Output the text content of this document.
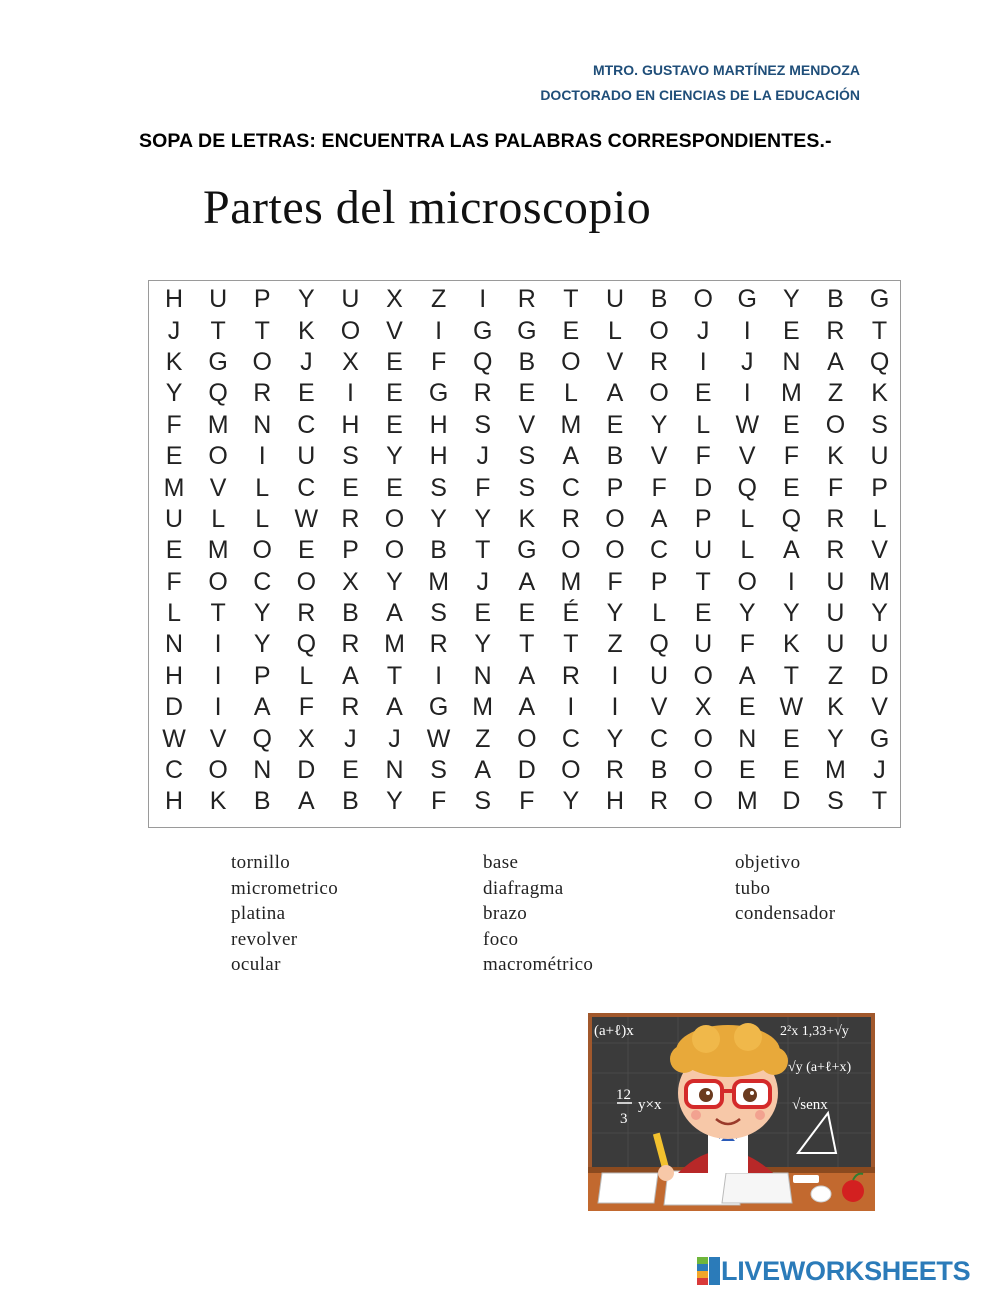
MTRO. GUSTAVO MARTÍNEZ MENDOZA
DOCTORADO EN CIENCIAS DE LA EDUCACIÓN
SOPA DE LETRAS: ENCUENTRA LAS PALABRAS CORRESPONDIENTES.-
Partes del microscopio
H	U	P	Y	U	X	Z	I	R	T	U	B	O G	Y	B	G
J	T	T	K	O	V	I	G G	E	L	O	J	I	E	R	T
K	G O	J	X	E	F	Q	B	O	V	R	I	J	N	A	Q
Y	Q	R	E	I	E	G	R	E	L	A	O	E	I	M	Z	K
F	M N	C	H	E	H	S	V	M	E	Y	L	W E	O	S
E	O	I	U	S	Y	H	J	S	A	B	V	F	V	F	K	U
M	V	L	C	E	E	S	F	S	C	P	F	D	Q	E	F	P
U	L	L	W R	O	Y	Y	K	R	O	A	P	L	Q	R	L
E	M O	E	P	O	B	T	G O O	C	U	L	A	R	V
F	O	C	O	X	Y	M	J	A	M	F	P	T	O	I	U M
L	T	Y	R	B	A	S	E	E	É	Y	L	E	Y	Y	U	Y
N	I	Y	Q	R M R	Y	T	T	Z	Q	U	F	K	U	U
H	I	P	L	A	T	I	N	A	R	I	U	O	A	T	Z	D
D	I	A	F	R	A	G M	A	I	I	V	X	E W K	V
W V	Q	X	J	J	W Z	O	C	Y	C	O	N	E	Y	G
C	O	N	D	E	N	S	A	D	O	R	B	O	E	E	M	J
H	K	B	A	B	Y	F	S	F	Y	H	R	O M D	S	T
tornillo
micrometrico
platina
revolver
ocular
base
diafragma
brazo
foco
macrométrico
objetivo
tubo
condensador
(a+ℓ)x	2²x 1,33+√y
√y (a+ℓ+x)
12
3
y×x	√senx
LIVEWORKSHEETS
